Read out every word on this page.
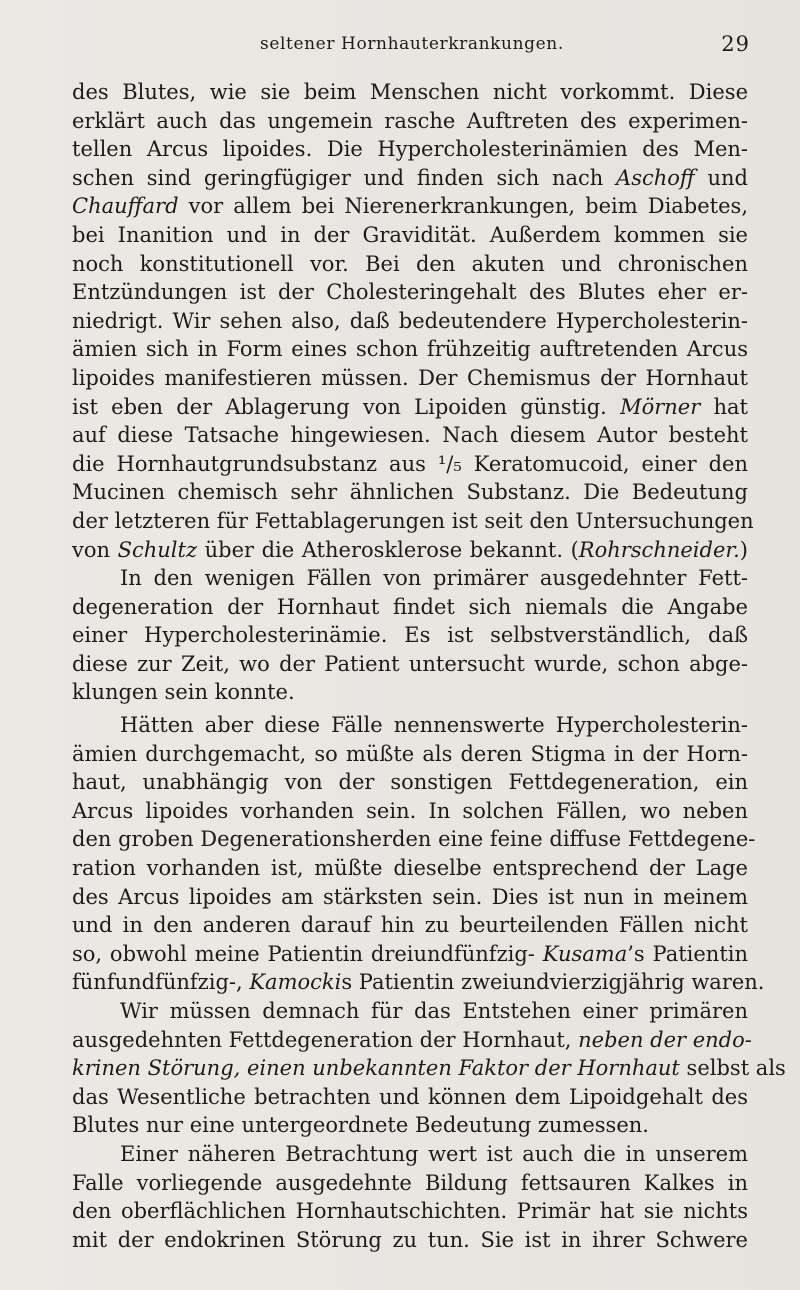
seltener Hornhauterkrankungen.	29
des Blutes, wie sie beim Menschen nicht vorkommt. Diese
erklärt auch das ungemein rasche Auftreten des experimen-
tellen Arcus lipoides. Die Hypercholesterinämien des Men-
schen sind geringfügiger und finden sich nach Aschoff und
Chauffard vor allem bei Nierenerkrankungen, beim Diabetes,
bei Inanition und in der Gravidität. Außerdem kommen sie
noch konstitutionell vor. Bei den akuten und chronischen
Entzündungen ist der Cholesteringehalt des Blutes eher er-
niedrigt. Wir sehen also, daß bedeutendere Hypercholesterin-
ämien sich in Form eines schon frühzeitig auftretenden Arcus
lipoides manifestieren müssen. Der Chemismus der Hornhaut
ist eben der Ablagerung von Lipoiden günstig. Mörner hat
auf diese Tatsache hingewiesen. Nach diesem Autor besteht
die Hornhautgrundsubstanz aus ¹/₅ Keratomucoid, einer den
Mucinen chemisch sehr ähnlichen Substanz. Die Bedeutung
der letzteren für Fettablagerungen ist seit den Untersuchungen
von Schultz über die Atherosklerose bekannt. (Rohrschneider.)
In den wenigen Fällen von primärer ausgedehnter Fett-
degeneration der Hornhaut findet sich niemals die Angabe
einer Hypercholesterinämie. Es ist selbstverständlich, daß
diese zur Zeit, wo der Patient untersucht wurde, schon abge-
klungen sein konnte.
Hätten aber diese Fälle nennenswerte Hypercholesterin-
ämien durchgemacht, so müßte als deren Stigma in der Horn-
haut, unabhängig von der sonstigen Fettdegeneration, ein
Arcus lipoides vorhanden sein. In solchen Fällen, wo neben
den groben Degenerationsherden eine feine diffuse Fettdegene-
ration vorhanden ist, müßte dieselbe entsprechend der Lage
des Arcus lipoides am stärksten sein. Dies ist nun in meinem
und in den anderen darauf hin zu beurteilenden Fällen nicht
so, obwohl meine Patientin dreiundfünfzig- Kusama’s Patientin
fünfundfünfzig-, Kamockis Patientin zweiundvierzigjährig waren.
Wir müssen demnach für das Entstehen einer primären
ausgedehnten Fettdegeneration der Hornhaut, neben der endo-
krinen Störung, einen unbekannten Faktor der Hornhaut selbst als
das Wesentliche betrachten und können dem Lipoidgehalt des
Blutes nur eine untergeordnete Bedeutung zumessen.
Einer näheren Betrachtung wert ist auch die in unserem
Falle vorliegende ausgedehnte Bildung fettsauren Kalkes in
den oberflächlichen Hornhautschichten. Primär hat sie nichts
mit der endokrinen Störung zu tun. Sie ist in ihrer Schwere
